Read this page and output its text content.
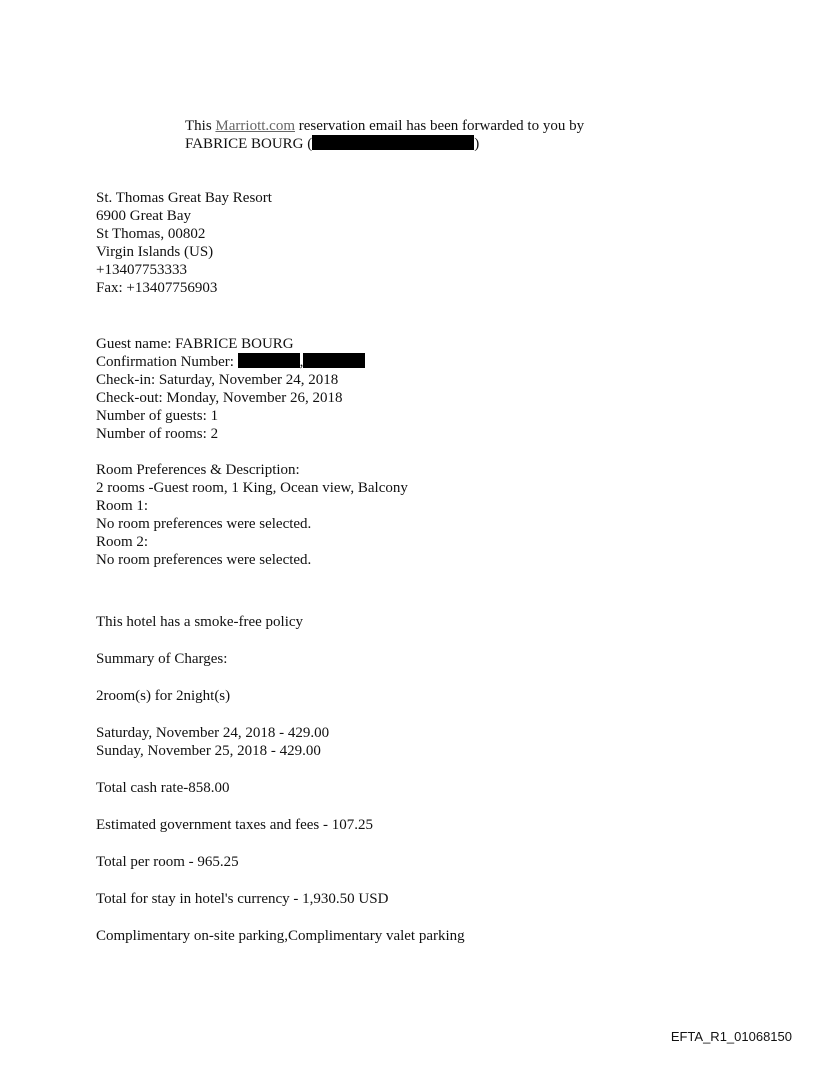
This Marriott.com reservation email has been forwarded to you by
FABRICE BOURG (	)
St. Thomas Great Bay Resort
6900 Great Bay
St Thomas, 00802
Virgin Islands (US)
+13407753333
Fax: +13407756903
Guest name: FABRICE BOURG
Confirmation Number:	,
Check-in: Saturday, November 24, 2018
Check-out: Monday, November 26, 2018
Number of guests: 1
Number of rooms: 2
Room Preferences & Description:
2 rooms -Guest room, 1 King, Ocean view, Balcony
Room 1:
No room preferences were selected.
Room 2:
No room preferences were selected.
This hotel has a smoke-free policy
Summary of Charges:
2room(s) for 2night(s)
Saturday, November 24, 2018 - 429.00
Sunday, November 25, 2018 - 429.00
Total cash rate-858.00
Estimated government taxes and fees - 107.25
Total per room - 965.25
Total for stay in hotel's currency - 1,930.50 USD
Complimentary on-site parking,Complimentary valet parking
EFTA_R1_01068150
